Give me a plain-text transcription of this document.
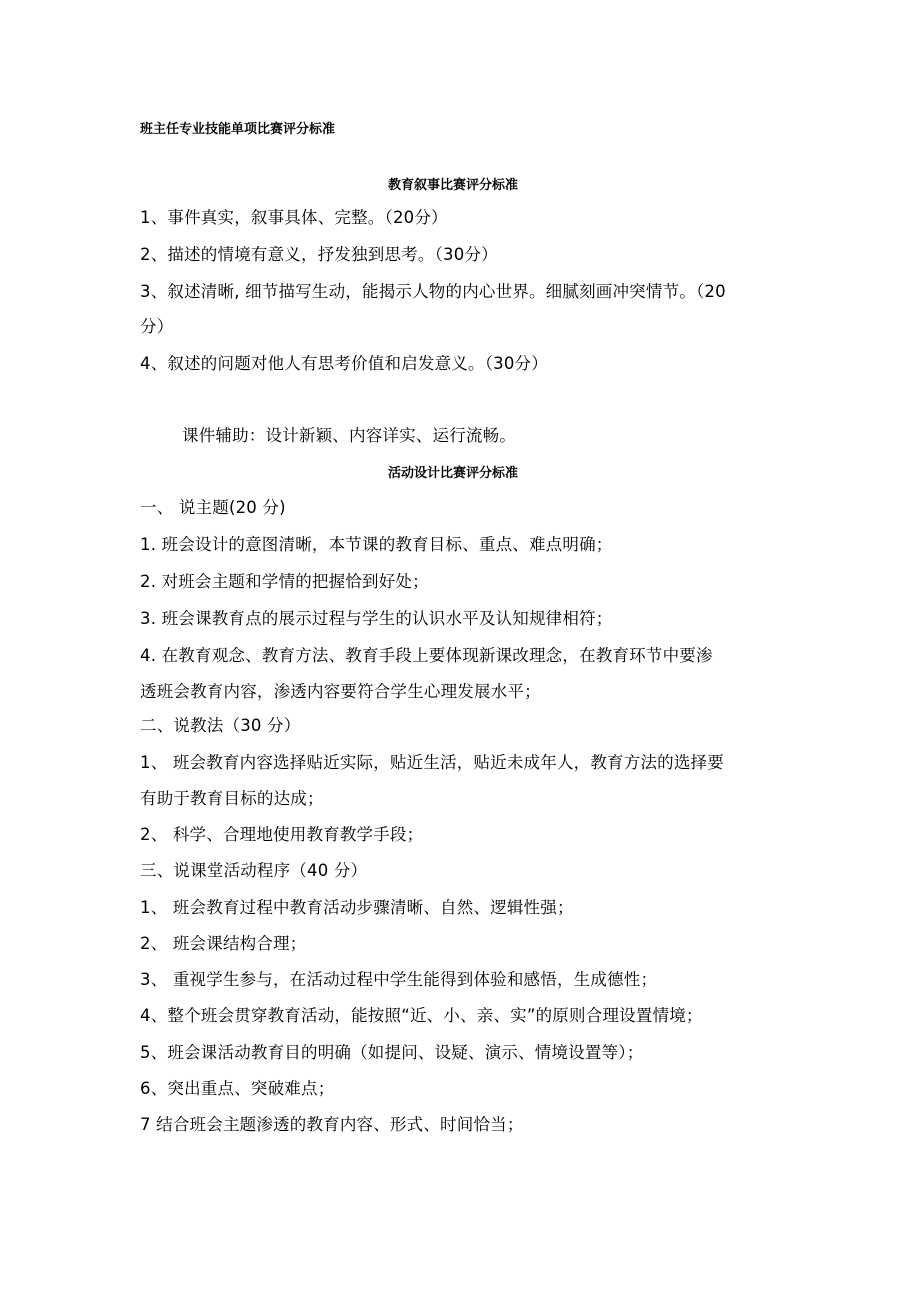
班主任专业技能单项比赛评分标准
教育叙事比赛评分标准
1、事件真实，叙事具体、完整。（20分）
2、描述的情境有意义，抒发独到思考。（30分）
3、叙述清晰, 细节描写生动，能揭示人物的内心世界。细腻刻画冲突情节。（20
分）
4、叙述的问题对他人有思考价值和启发意义。（30分）
课件辅助：设计新颖、内容详实、运行流畅。
活动设计比赛评分标准
一、 说主题(20 分)
1. 班会设计的意图清晰，本节课的教育目标、重点、难点明确；
2. 对班会主题和学情的把握恰到好处；
3. 班会课教育点的展示过程与学生的认识水平及认知规律相符；
4. 在教育观念、教育方法、教育手段上要体现新课改理念，在教育环节中要渗
透班会教育内容，渗透内容要符合学生心理发展水平；
二、说教法（30 分）
1、 班会教育内容选择贴近实际，贴近生活，贴近未成年人，教育方法的选择要
有助于教育目标的达成；
2、 科学、合理地使用教育教学手段；
三、说课堂活动程序（40 分）
1、 班会教育过程中教育活动步骤清晰、自然、逻辑性强；
2、 班会课结构合理；
3、 重视学生参与，在活动过程中学生能得到体验和感悟，生成德性；
4、整个班会贯穿教育活动，能按照“近、小、亲、实”的原则合理设置情境；
5、班会课活动教育目的明确（如提问、设疑、演示、情境设置等）；
6、突出重点、突破难点；
7 结合班会主题渗透的教育内容、形式、时间恰当；
